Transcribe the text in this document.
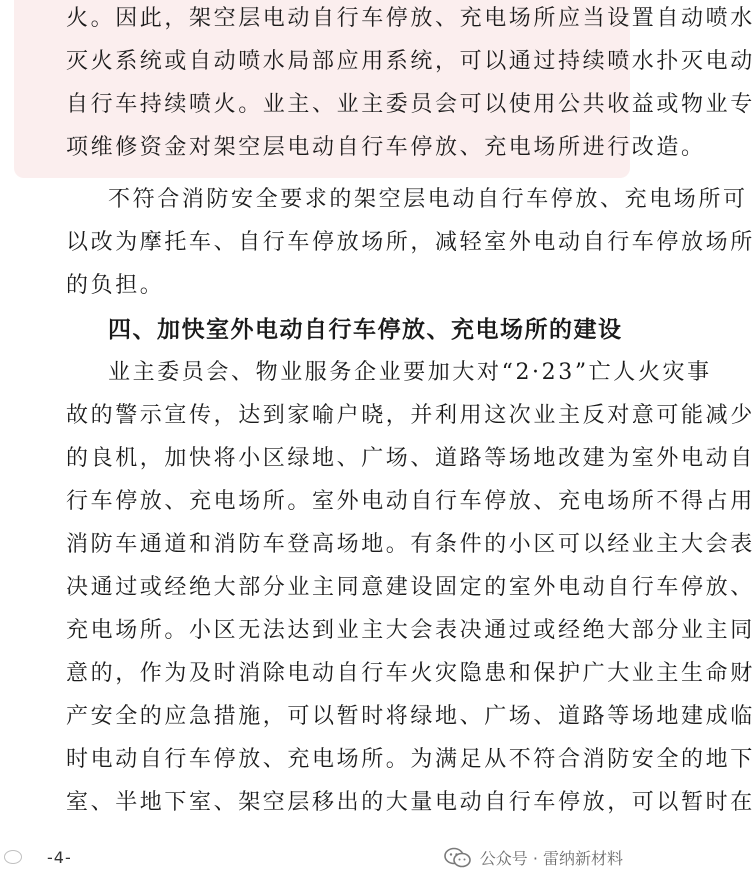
火。因此，架空层电动自行车停放、充电场所应当设置自动喷水
灭火系统或自动喷水局部应用系统，可以通过持续喷水扑灭电动
自行车持续喷火。业主、业主委员会可以使用公共收益或物业专
项维修资金对架空层电动自行车停放、充电场所进行改造。
不符合消防安全要求的架空层电动自行车停放、充电场所可
以改为摩托车、自行车停放场所，减轻室外电动自行车停放场所
的负担。
四、加快室外电动自行车停放、充电场所的建设
业主委员会、物业服务企业要加大对“2·23”亡人火灾事
故的警示宣传，达到家喻户晓，并利用这次业主反对意可能减少
的良机，加快将小区绿地、广场、道路等场地改建为室外电动自
行车停放、充电场所。室外电动自行车停放、充电场所不得占用
消防车通道和消防车登高场地。有条件的小区可以经业主大会表
决通过或经绝大部分业主同意建设固定的室外电动自行车停放、
充电场所。小区无法达到业主大会表决通过或经绝大部分业主同
意的，作为及时消除电动自行车火灾隐患和保护广大业主生命财
产安全的应急措施，可以暂时将绿地、广场、道路等场地建成临
时电动自行车停放、充电场所。为满足从不符合消防安全的地下
室、半地下室、架空层移出的大量电动自行车停放，可以暂时在
-4-	公众号 · 雷纳新材料
